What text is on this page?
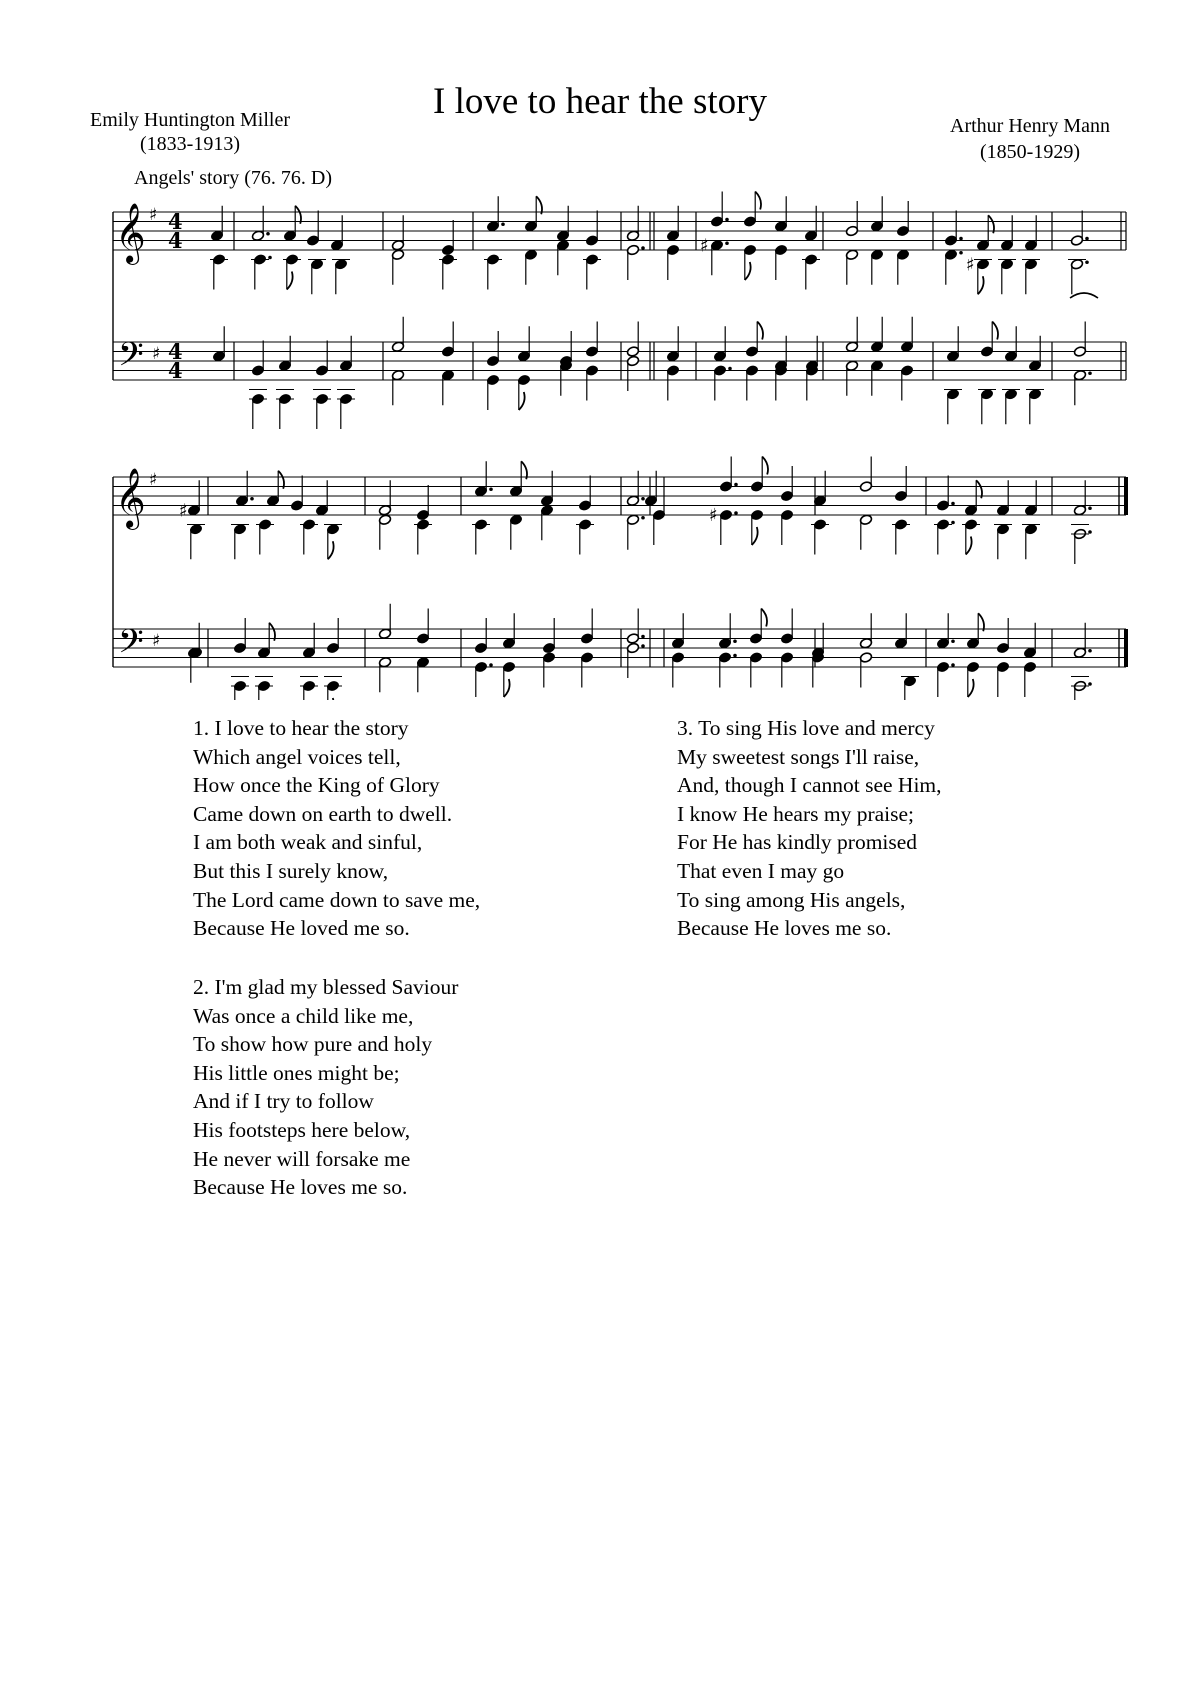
I love to hear the story
Emily Huntington Miller
(1833-1913)
Arthur Henry Mann
(1850-1929)
Angels' story (76. 76. D)
𝄞 ♯
𝄢 ♯
4
4
4
4
♯
♯
𝄞 ♯
𝄢 ♯
♯	♯
1. I love to hear the story
Which angel voices tell,
How once the King of Glory
Came down on earth to dwell.
I am both weak and sinful,
But this I surely know,
The Lord came down to save me,
Because He loved me so.
2. I'm glad my blessed Saviour
Was once a child like me,
To show how pure and holy
His little ones might be;
And if I try to follow
His footsteps here below,
He never will forsake me
Because He loves me so.
3. To sing His love and mercy
My sweetest songs I'll raise,
And, though I cannot see Him,
I know He hears my praise;
For He has kindly promised
That even I may go
To sing among His angels,
Because He loves me so.
